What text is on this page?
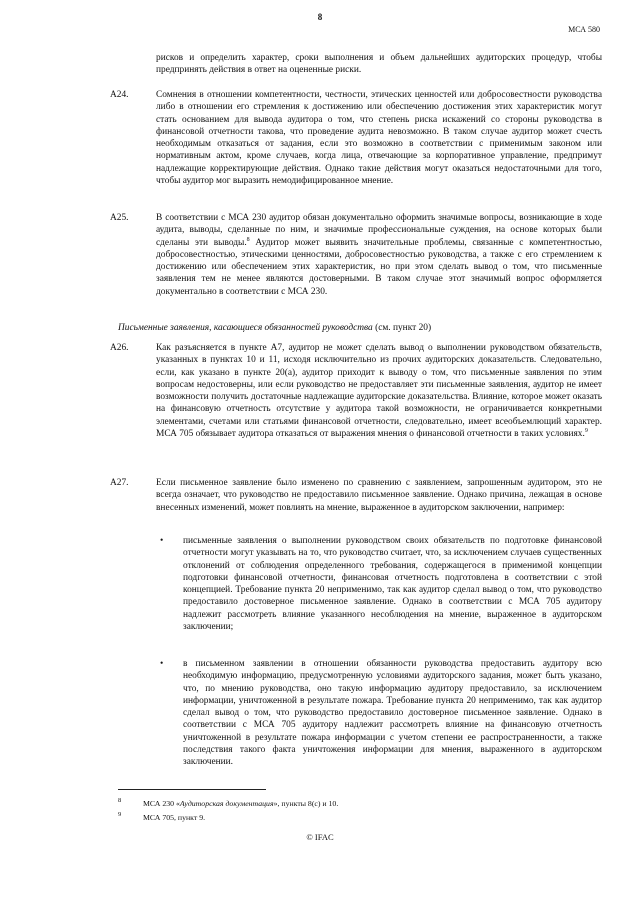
8
МСА 580

рисков и определить характер, сроки выполнения и объем дальнейших аудиторских процедур, чтобы предпринять действия в ответ на оцененные риски.

A24.	Сомнения в отношении компетентности, честности, этических ценностей или добросовестности руководства либо в отношении его стремления к достижению или обеспечению достижения этих характеристик могут стать основанием для вывода аудитора о том, что степень риска искажений со стороны руководства в финансовой отчетности такова, что проведение аудита невозможно. В таком случае аудитор может счесть необходимым отказаться от задания, если это возможно в соответствии с применимым законом или нормативным актом, кроме случаев, когда лица, отвечающие за корпоративное управление, предпримут надлежащие корректирующие действия. Однако такие действия могут оказаться недостаточными для того, чтобы аудитор мог выразить немодифицированное мнение.

A25.	В соответствии с МСА 230 аудитор обязан документально оформить значимые вопросы, возникающие в ходе аудита, выводы, сделанные по ним, и значимые профессиональные суждения, на основе которых были сделаны эти выводы.$^8$ Аудитор может выявить значительные проблемы, связанные с компетентностью, добросовестностью, этическими ценностями, добросовестностью руководства, а также с его стремлением к достижению или обеспечением этих характеристик, но при этом сделать вывод о том, что письменные заявления тем не менее являются достоверными. В таком случае этот значимый вопрос оформляется документально в соответствии с МСА 230.

Письменные заявления, касающиеся обязанностей руководства (см. пункт 20)
A26.	Как разъясняется в пункте A7, аудитор не может сделать вывод о выполнении руководством обязательств, указанных в пунктах 10 и 11, исходя исключительно из прочих аудиторских доказательств. Следовательно, если, как указано в пункте 20(a), аудитор приходит к выводу о том, что письменные заявления по этим вопросам недостоверны, или если руководство не предоставляет эти письменные заявления, аудитор не имеет возможности получить достаточные надлежащие аудиторские доказательства. Влияние, которое может оказать на финансовую отчетность отсутствие у аудитора такой возможности, не ограничивается конкретными элементами, счетами или статьями финансовой отчетности, следовательно, имеет всеобъемлющий характер. МСА 705 обязывает аудитора отказаться от выражения мнения о финансовой отчетности в таких условиях.$^9$

A27.	Если письменное заявление было изменено по сравнению с заявлением, запрошенным аудитором, это не всегда означает, что руководство не предоставило письменное заявление. Однако причина, лежащая в основе внесенных изменений, может повлиять на мнение, выраженное в аудиторском заключении, например:

• письменные заявления о выполнении руководством своих обязательств по подготовке финансовой отчетности могут указывать на то, что руководство считает, что, за исключением случаев существенных отклонений от соблюдения определенного требования, содержащегося в применимой концепции подготовки финансовой отчетности, финансовая отчетность подготовлена в соответствии с этой концепцией. Требование пункта 20 неприменимо, так как аудитор сделал вывод о том, что руководство предоставило достоверное письменное заявление. Однако в соответствии с МСА 705 аудитору надлежит рассмотреть влияние указанного несоблюдения на мнение, выраженное в аудиторском заключении;

• в письменном заявлении в отношении обязанности руководства предоставить аудитору всю необходимую информацию, предусмотренную условиями аудиторского задания, может быть указано, что, по мнению руководства, оно такую информацию аудитору предоставило, за исключением информации, уничтоженной в результате пожара. Требование пункта 20 неприменимо, так как аудитор сделал вывод о том, что руководство предоставило достоверное письменное заявление. Однако в соответствии с МСА 705 аудитору надлежит рассмотреть влияние на финансовую отчетность уничтоженной в результате пожара информации с учетом степени ее распространенности, а также последствия такого факта уничтожения информации для мнения, выраженного в аудиторском заключении.

8	МСА 230 «Аудиторская документация», пункты 8(c) и 10.
9	МСА 705, пункт 9.
© IFAC
